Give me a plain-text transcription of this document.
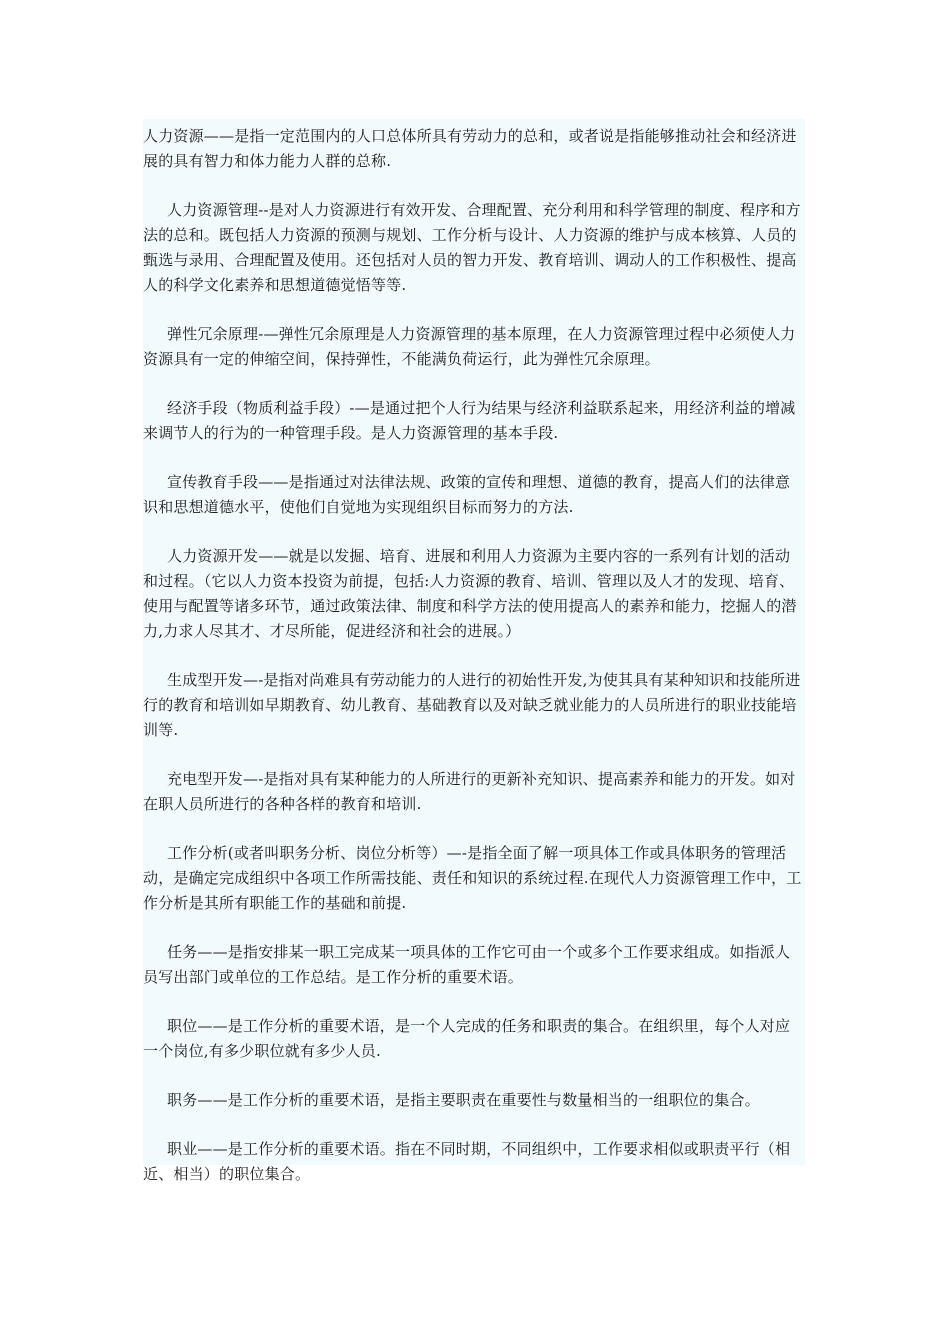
人力资源——是指一定范围内的人口总体所具有劳动力的总和，或者说是指能够推动社会和经济进展的具有智力和体力能力人群的总称.

人力资源管理--是对人力资源进行有效开发、合理配置、充分利用和科学管理的制度、程序和方法的总和。既包括人力资源的预测与规划、工作分析与设计、人力资源的维护与成本核算、人员的甄选与录用、合理配置及使用。还包括对人员的智力开发、教育培训、调动人的工作积极性、提高人的科学文化素养和思想道德觉悟等等.

弹性冗余原理-—弹性冗余原理是人力资源管理的基本原理，在人力资源管理过程中必须使人力资源具有一定的伸缩空间，保持弹性，不能满负荷运行，此为弹性冗余原理。

经济手段（物质利益手段）-—是通过把个人行为结果与经济利益联系起来，用经济利益的增减来调节人的行为的一种管理手段。是人力资源管理的基本手段.

宣传教育手段——是指通过对法律法规、政策的宣传和理想、道德的教育，提高人们的法律意识和思想道德水平，使他们自觉地为实现组织目标而努力的方法.

人力资源开发——就是以发掘、培育、进展和利用人力资源为主要内容的一系列有计划的活动和过程。（它以人力资本投资为前提，包括:人力资源的教育、培训、管理以及人才的发现、培育、使用与配置等诸多环节，通过政策法律、制度和科学方法的使用提高人的素养和能力，挖掘人的潜力,力求人尽其才、才尽所能，促进经济和社会的进展。）

生成型开发—-是指对尚难具有劳动能力的人进行的初始性开发,为使其具有某种知识和技能所进行的教育和培训如早期教育、幼儿教育、基础教育以及对缺乏就业能力的人员所进行的职业技能培训等.

充电型开发—-是指对具有某种能力的人所进行的更新补充知识、提高素养和能力的开发。如对在职人员所进行的各种各样的教育和培训.

工作分析(或者叫职务分析、岗位分析等）—-是指全面了解一项具体工作或具体职务的管理活动，是确定完成组织中各项工作所需技能、责任和知识的系统过程.在现代人力资源管理工作中，工作分析是其所有职能工作的基础和前提.

任务——是指安排某一职工完成某一项具体的工作它可由一个或多个工作要求组成。如指派人员写出部门或单位的工作总结。是工作分析的重要术语。

职位——是工作分析的重要术语，是一个人完成的任务和职责的集合。在组织里，每个人对应一个岗位,有多少职位就有多少人员.

职务——是工作分析的重要术语，是指主要职责在重要性与数量相当的一组职位的集合。

职业——是工作分析的重要术语。指在不同时期，不同组织中，工作要求相似或职责平行（相近、相当）的职位集合。
